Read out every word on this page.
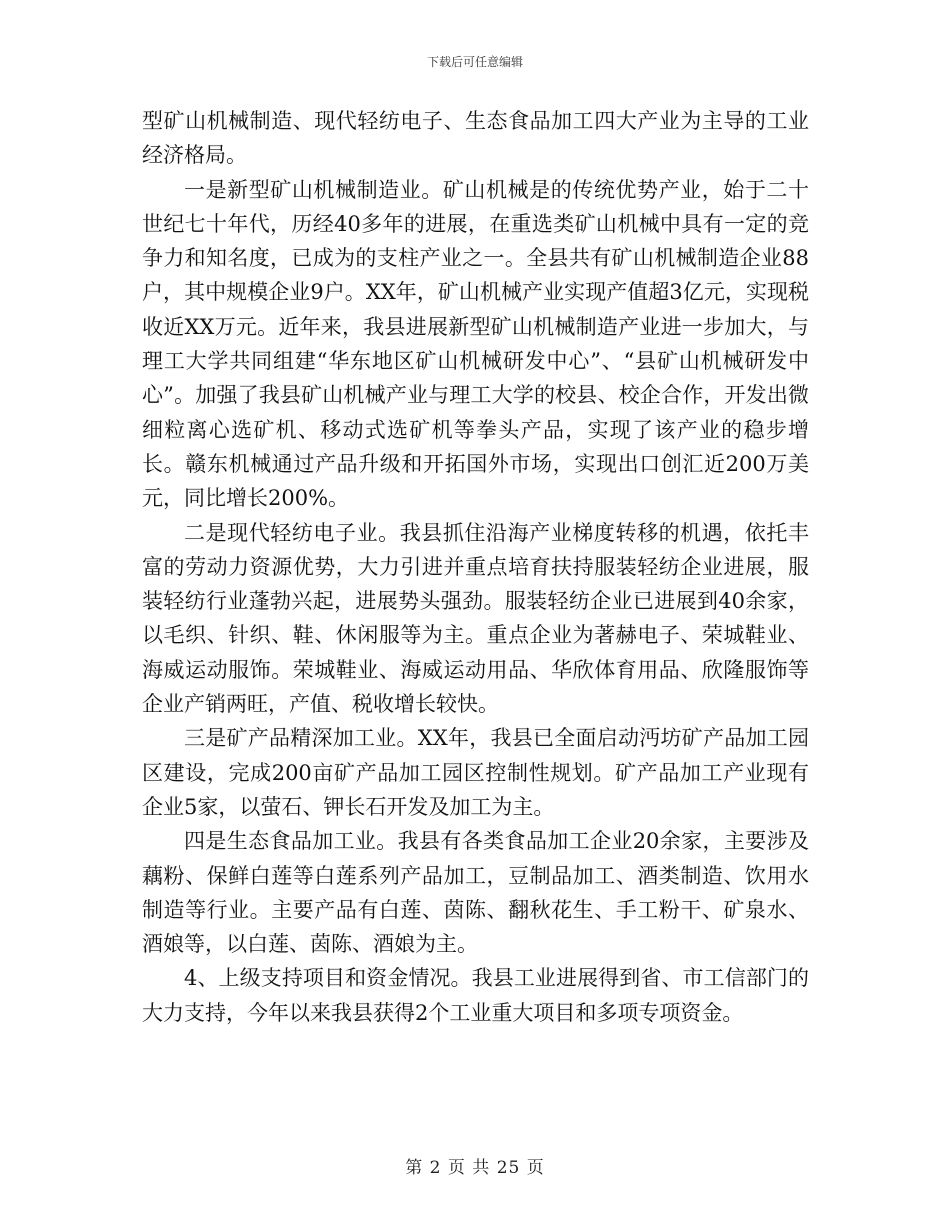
下载后可任意编辑

型矿山机械制造、现代轻纺电子、生态食品加工四大产业为主导的工业经济格局。

一是新型矿山机械制造业。矿山机械是的传统优势产业，始于二十世纪七十年代，历经40多年的进展，在重选类矿山机械中具有一定的竞争力和知名度，已成为的支柱产业之一。全县共有矿山机械制造企业88户，其中规模企业9户。XX年，矿山机械产业实现产值超3亿元，实现税收近XX万元。近年来，我县进展新型矿山机械制造产业进一步加大，与理工大学共同组建“华东地区矿山机械研发中心”、“县矿山机械研发中心”。加强了我县矿山机械产业与理工大学的校县、校企合作，开发出微细粒离心选矿机、移动式选矿机等拳头产品，实现了该产业的稳步增长。赣东机械通过产品升级和开拓国外市场，实现出口创汇近200万美元，同比增长200%。

二是现代轻纺电子业。我县抓住沿海产业梯度转移的机遇，依托丰富的劳动力资源优势，大力引进并重点培育扶持服装轻纺企业进展，服装轻纺行业蓬勃兴起，进展势头强劲。服装轻纺企业已进展到40余家，以毛织、针织、鞋、休闲服等为主。重点企业为著赫电子、荣城鞋业、海威运动服饰。荣城鞋业、海威运动用品、华欣体育用品、欣隆服饰等企业产销两旺，产值、税收增长较快。

三是矿产品精深加工业。XX年，我县已全面启动沔坊矿产品加工园区建设，完成200亩矿产品加工园区控制性规划。矿产品加工产业现有企业5家，以萤石、钾长石开发及加工为主。

四是生态食品加工业。我县有各类食品加工企业20余家，主要涉及藕粉、保鲜白莲等白莲系列产品加工，豆制品加工、酒类制造、饮用水制造等行业。主要产品有白莲、茵陈、翻秋花生、手工粉干、矿泉水、酒娘等，以白莲、茵陈、酒娘为主。

4、上级支持项目和资金情况。我县工业进展得到省、市工信部门的大力支持，今年以来我县获得2个工业重大项目和多项专项资金。

第 2 页 共 25 页
